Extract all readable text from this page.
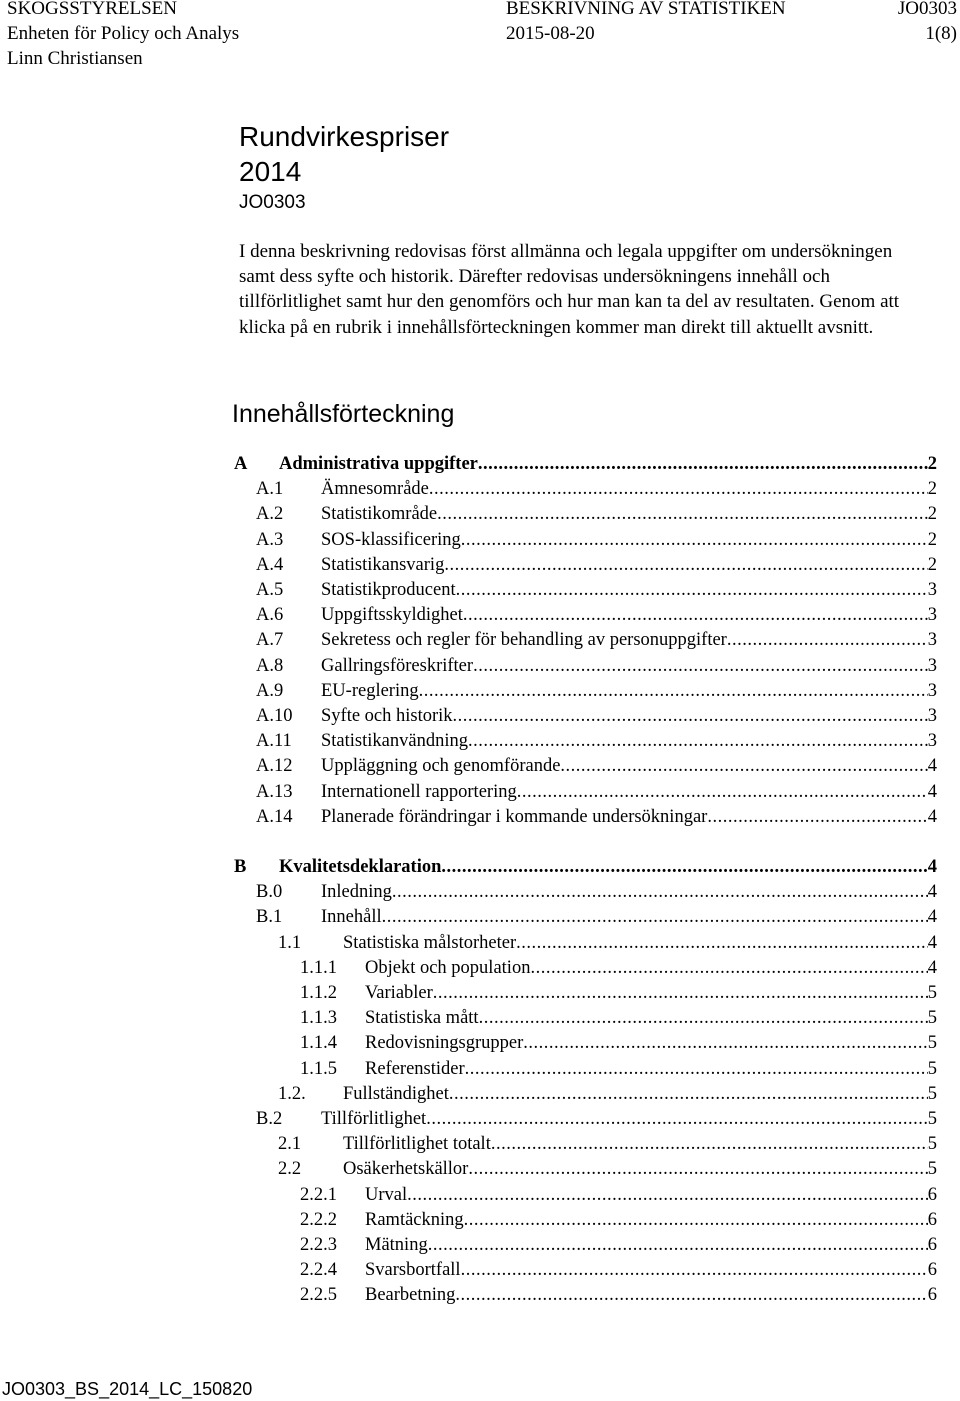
SKOGSSTYRELSEN	BESKRIVNING AV STATISTIKEN	JO0303
Enheten för Policy och Analys	2015-08-20	1(8)
Linn Christiansen
Rundvirkespriser
2014
JO0303

I denna beskrivning redovisas först allmänna och legala uppgifter om undersökningen samt dess syfte och historik. Därefter redovisas undersökningens innehåll och tillförlitlighet samt hur den genomförs och hur man kan ta del av resultaten. Genom att klicka på en rubrik i innehållsförteckningen kommer man direkt till aktuellt avsnitt.

Innehållsförteckning
A Administrativa uppgifter .....	2
A.1 Ämnesområde .....	2
A.2 Statistikområde .....	2
A.3 SOS-klassificering .....	2
A.4 Statistikansvarig .....	2
A.5 Statistikproducent .....	3
A.6 Uppgiftsskyldighet .....	3
A.7 Sekretess och regler för behandling av personuppgifter .....	3
A.8 Gallringsföreskrifter .....	3
A.9 EU-reglering .....	3
A.10 Syfte och historik .....	3
A.11 Statistikanvändning .....	3
A.12 Uppläggning och genomförande .....	4
A.13 Internationell rapportering .....	4
A.14 Planerade förändringar i kommande undersökningar .....	4
B Kvalitetsdeklaration .....	4
B.0 Inledning .....	4
B.1 Innehåll .....	4
1.1 Statistiska målstorheter .....	4
1.1.1 Objekt och population .....	4
1.1.2 Variabler .....	5
1.1.3 Statistiska mått .....	5
1.1.4 Redovisningsgrupper .....	5
1.1.5 Referenstider .....	5
1.2. Fullständighet .....	5
B.2 Tillförlitlighet .....	5
2.1 Tillförlitlighet totalt .....	5
2.2 Osäkerhetskällor .....	5
2.2.1 Urval .....	6
2.2.2 Ramtäckning .....	6
2.2.3 Mätning .....	6
2.2.4 Svarsbortfall .....	6
2.2.5 Bearbetning .....	6
JO0303_BS_2014_LC_150820
